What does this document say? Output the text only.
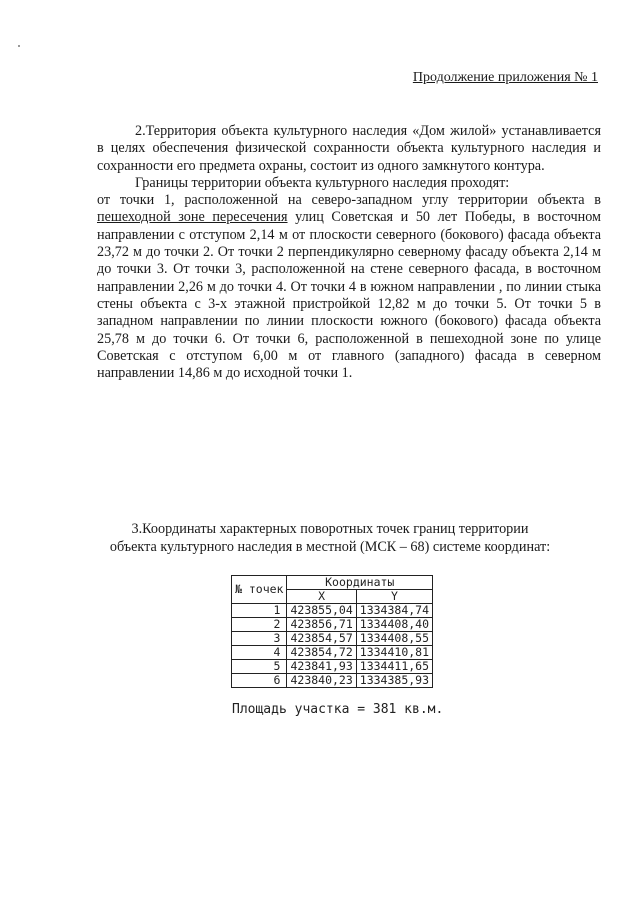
Продолжение приложения № 1

2.Территория объекта культурного наследия «Дом жилой» устанавливается в целях обеспечения физической сохранности объекта культурного наследия и сохранности его предмета охраны, состоит из одного замкнутого контура.

Границы территории объекта культурного наследия проходят:

от точки 1, расположенной на северо-западном углу территории объекта в пешеходной зоне пересечения улиц Советская и 50 лет Победы, в восточном направлении с отступом 2,14 м от плоскости северного (бокового) фасада объекта 23,72 м до точки 2. От точки 2 перпендикулярно северному фасаду объекта 2,14 м до точки 3. От точки 3, расположенной на стене северного фасада, в восточном направлении 2,26 м до точки 4. От точки 4 в южном направлении , по линии стыка стены объекта с 3-х этажной пристройкой 12,82 м до точки 5. От точки 5 в западном направлении по линии плоскости южного (бокового) фасада объекта 25,78 м до точки 6. От точки 6, расположенной в пешеходной зоне по улице Советская с отступом 6,00 м от главного (западного) фасада в северном направлении 14,86 м до исходной точки 1.

3.Координаты характерных поворотных точек границ территории
объекта культурного наследия в местной (МСК – 68) системе координат:
№ точек	Координаты	
	X	Y
1	423855,04	1334384,74
2	423856,71	1334408,40
3	423854,57	1334408,55
4	423854,72	1334410,81
5	423841,93	1334411,65
6	423840,23	1334385,93
Площадь участка = 381 кв.м.
